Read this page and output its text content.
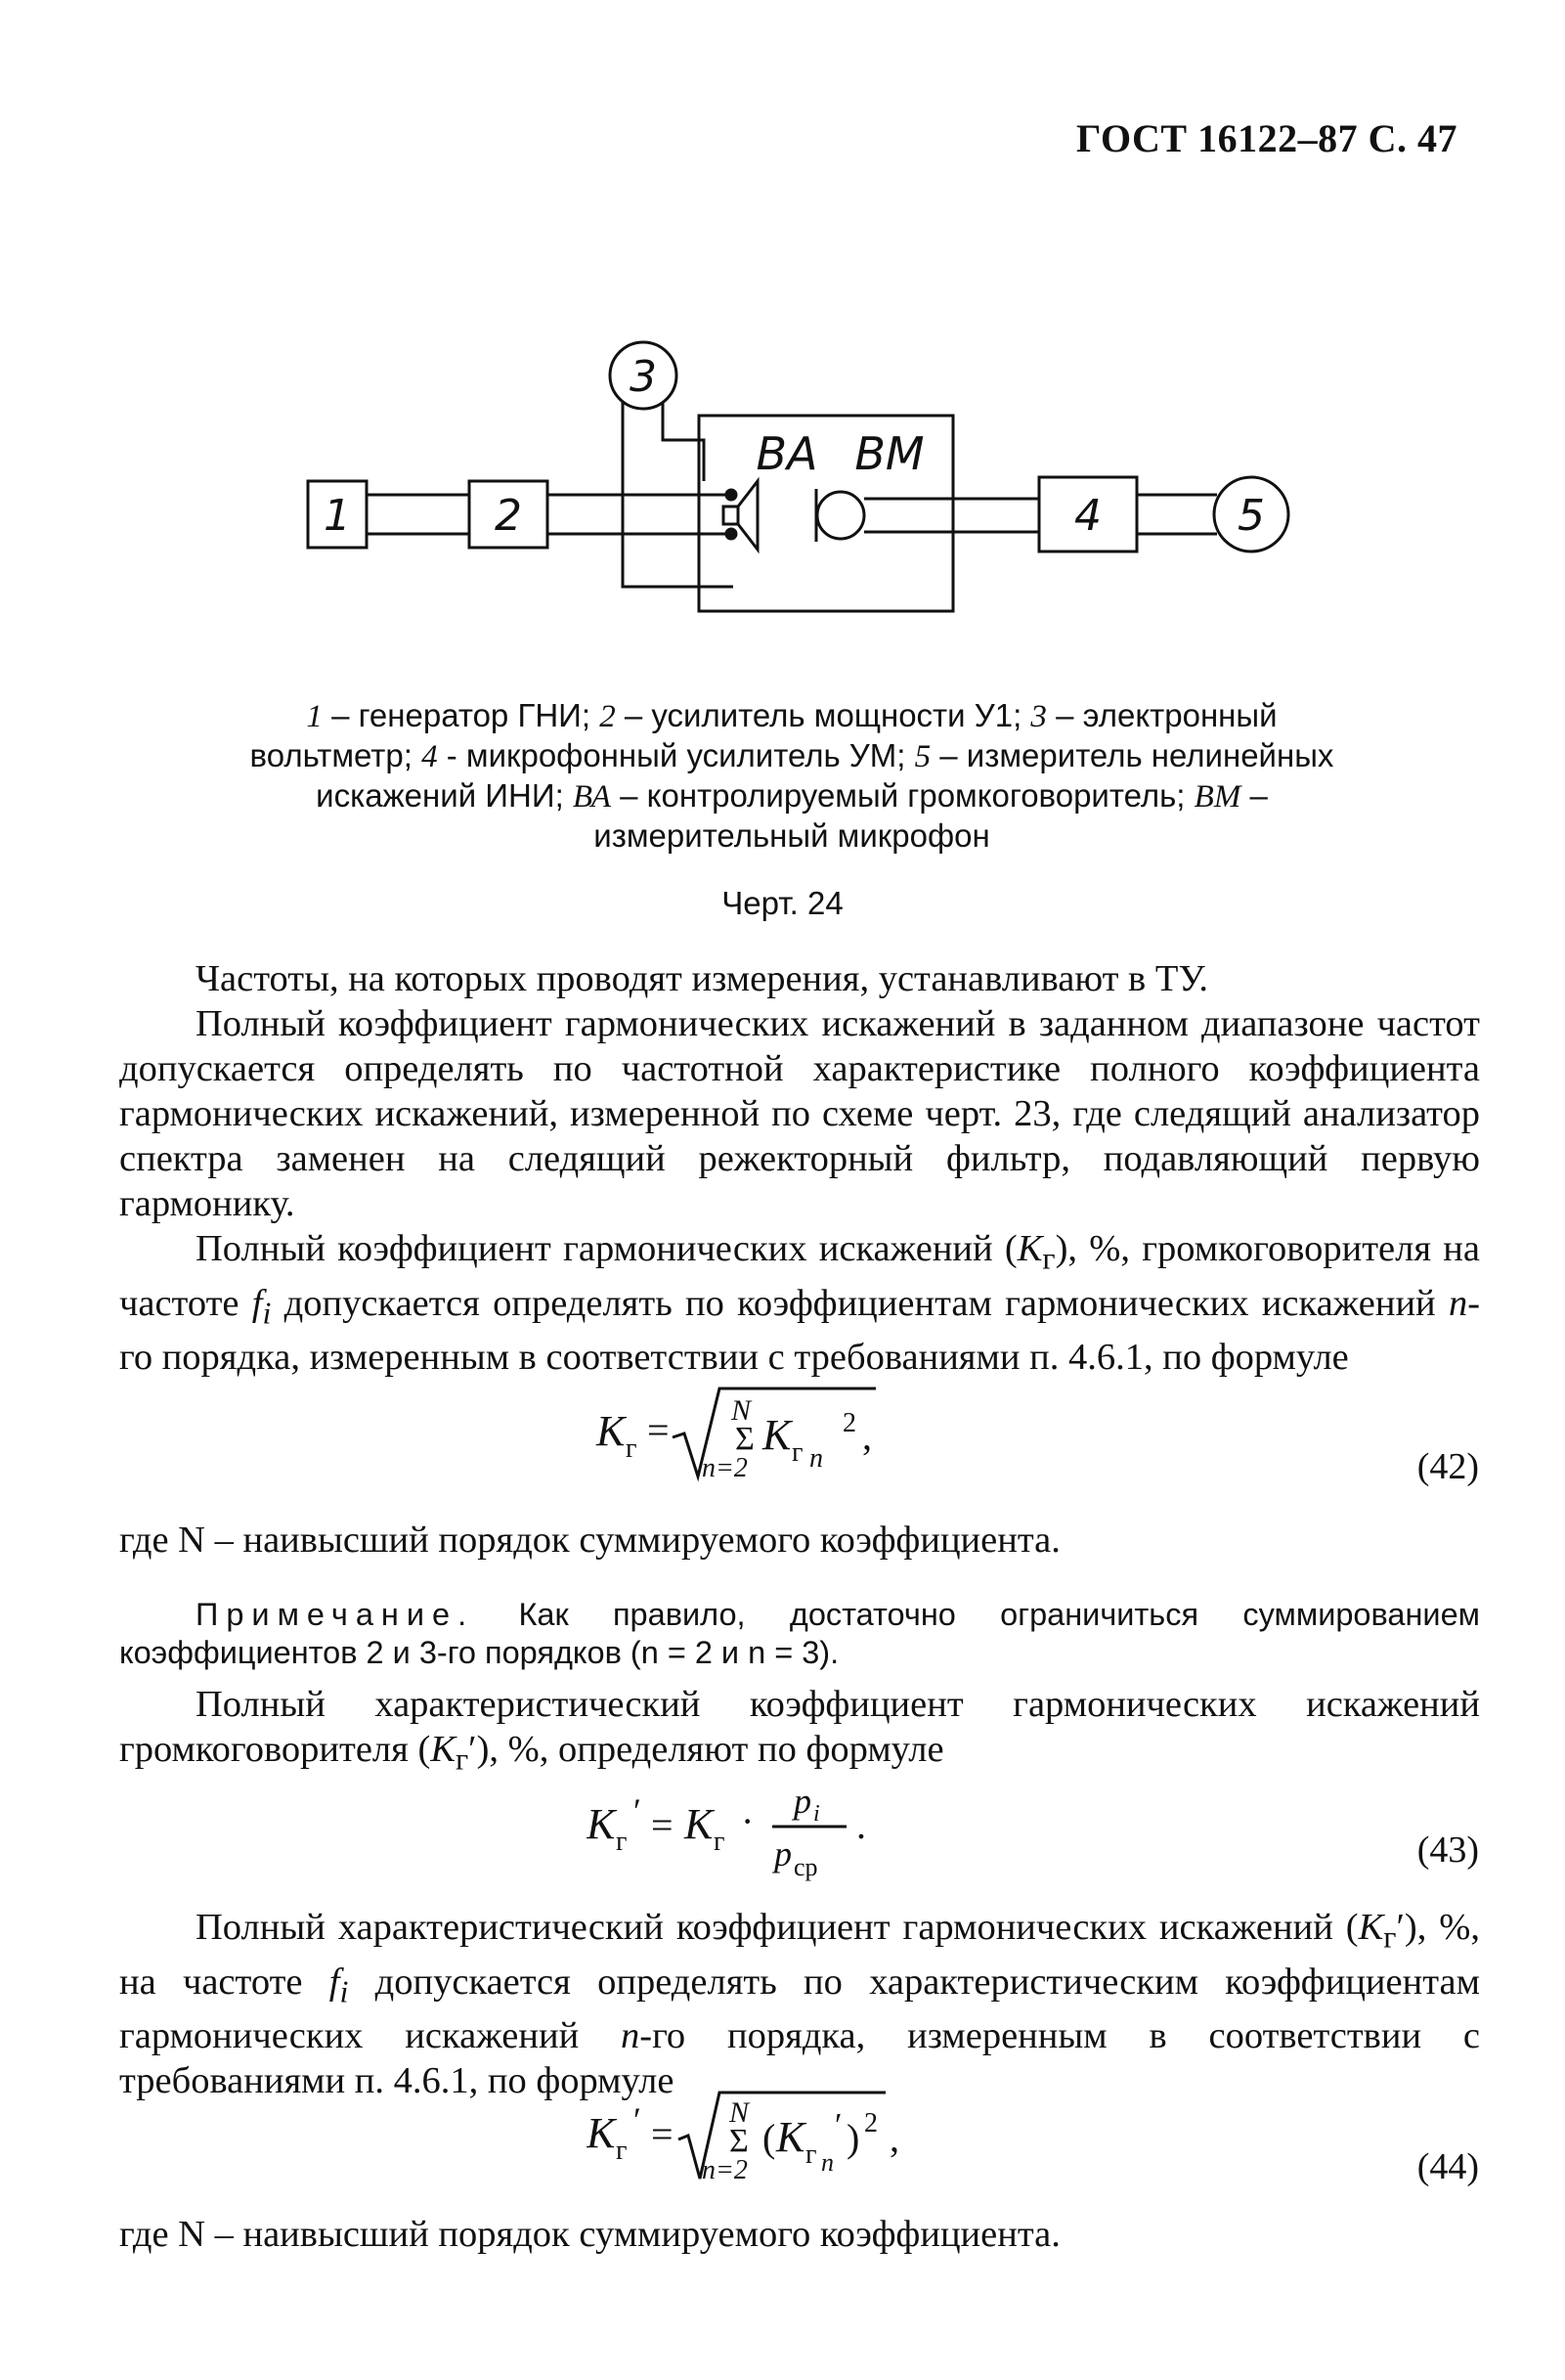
ГОСТ 16122–87 С. 47
1	2
3
ВА ВМ
4	5
1 – генератор ГНИ; 2 – усилитель мощности У1; 3 – электронный вольтметр; 4 - микрофонный усилитель УМ; 5 – измеритель нелинейных искажений ИНИ; ВА – контролируемый громкоговоритель; ВМ – измерительный микрофон
Черт. 24

Частоты, на которых проводят измерения, устанавливают в ТУ.

Полный коэффициент гармонических искажений в заданном диапазоне частот допускается определять по частотной характеристике полного коэффициента гармонических искажений, измеренной по схеме черт. 23, где следящий анализатор спектра заменен на следящий режекторный фильтр, подавляющий первую гармонику.

Полный коэффициент гармонических искажений $(K_г)$, %, громкоговорителя на частоте $f_i$ допускается определять по коэффициентам гармонических искажений n-го порядка, измеренным в соответствии с требованиями п. 4.6.1, по формуле

K г = N
Σ
n=2
K г n
2 ,
(42)

где N – наивысший порядок суммируемого коэффициента.

Примечание. Как правило, достаточно ограничиться суммированием коэффициентов 2 и 3-го порядков (n = 2 и n = 3).

Полный характеристический коэффициент гармонических искажений громкоговорителя $(K_г')$, %, определяют по формуле

K г
′ = K г · p i
p ср
.
(43)

Полный характеристический коэффициент гармонических искажений $(K_г')$, %, на частоте $f_i$ допускается определять по характеристическим коэффициентам гармонических искажений n-го порядка, измеренным в соответствии с требованиями п. 4.6.1, по формуле

K г
′ = N
Σ
n=2
( K г n
′ ) 2 ,
(44)

где N – наивысший порядок суммируемого коэффициента.
